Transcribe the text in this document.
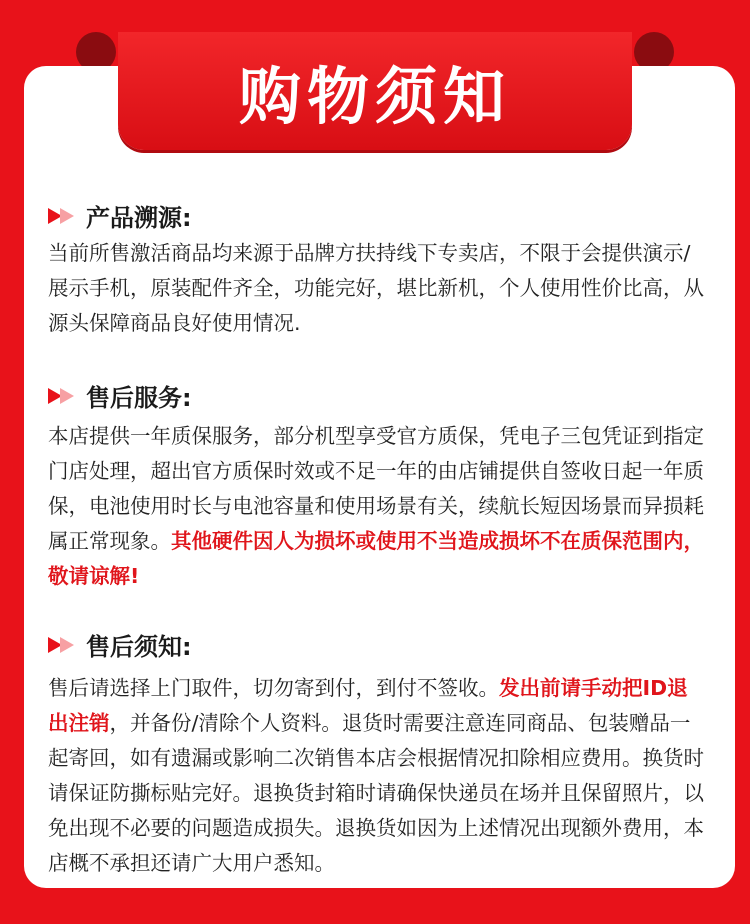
购物须知
产品溯源:
当前所售激活商品均来源于品牌方扶持线下专卖店，不限于会提供演示/展示手机，原装配件齐全，功能完好，堪比新机，个人使用性价比高，从源头保障商品良好使用情况.
售后服务:
本店提供一年质保服务，部分机型享受官方质保，凭电子三包凭证到指定门店处理，超出官方质保时效或不足一年的由店铺提供自签收日起一年质保，电池使用时长与电池容量和使用场景有关，续航长短因场景而异损耗属正常现象。其他硬件因人为损坏或使用不当造成损坏不在质保范围内，敬请谅解!
售后须知:
售后请选择上门取件，切勿寄到付，到付不签收。发出前请手动把ID退出注销，并备份/清除个人资料。退货时需要注意连同商品、包装赠品一起寄回，如有遗漏或影响二次销售本店会根据情况扣除相应费用。换货时请保证防撕标贴完好。退换货封箱时请确保快递员在场并且保留照片，以免出现不必要的问题造成损失。退换货如因为上述情况出现额外费用，本店概不承担还请广大用户悉知。
